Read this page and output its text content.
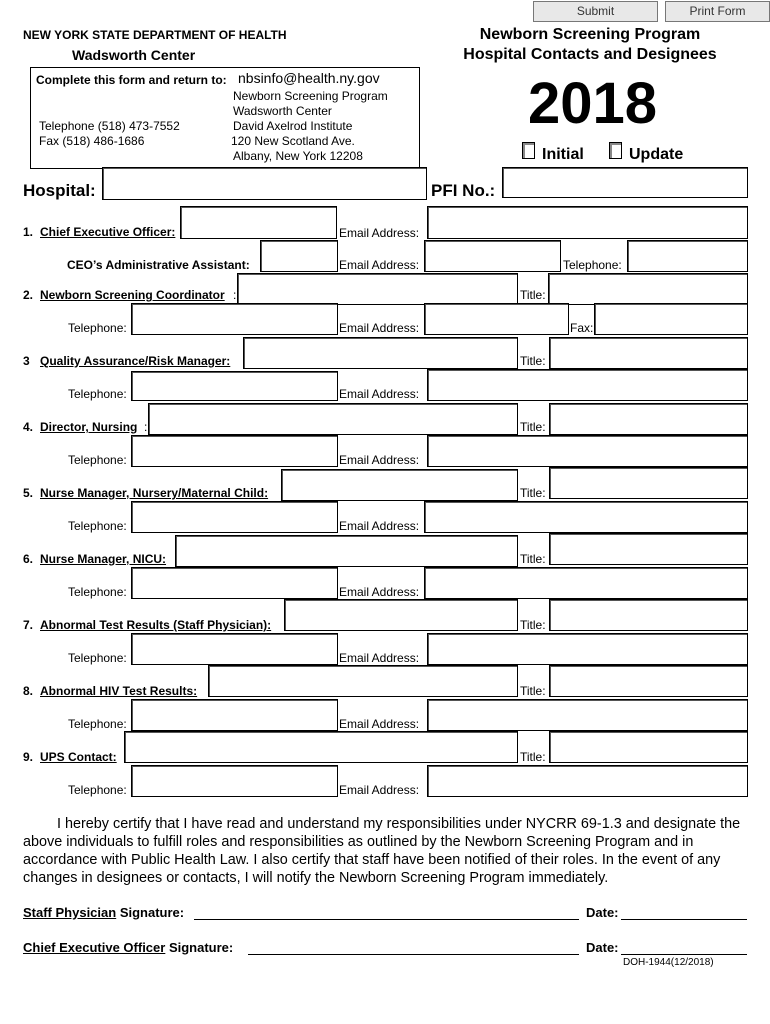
Submit	Print Form
NEW YORK STATE DEPARTMENT OF HEALTH
Wadsworth Center
Newborn Screening Program
Hospital Contacts and Designees
2018
Initial	Update
Complete this form and return to: nbsinfo@health.ny.gov
Newborn Screening Program
Wadsworth Center
David Axelrod Institute
120 New Scotland Ave.
Albany, New York 12208
Telephone (518) 473-7552
Fax (518) 486-1686
Hospital:	PFI No.:
1. Chief Executive Officer:	Email Address:
CEO’s Administrative Assistant:	Email Address:	Telephone:
2. Newborn Screening Coordinator :	Title:
Telephone:	Email Address:	Fax:
3 Quality Assurance/Risk Manager:	Title:
Telephone:	Email Address:
4. Director, Nursing :	Title:
Telephone:	Email Address:
5. Nurse Manager, Nursery/Maternal Child:	Title:
Telephone:	Email Address:
6. Nurse Manager, NICU:	Title:
Telephone:	Email Address:
7. Abnormal Test Results (Staff Physician):	Title:
Telephone:	Email Address:
8. Abnormal HIV Test Results:	Title:
Telephone:	Email Address:
9. UPS Contact:	Title:
Telephone:	Email Address:
I hereby certify that I have read and understand my responsibilities under NYCRR 69-1.3 and designate the above individuals to fulfill roles and responsibilities as outlined by the Newborn Screening Program and in accordance with Public Health Law. I also certify that staff have been notified of their roles. In the event of any changes in designees or contacts, I will notify the Newborn Screening Program immediately.
Staff Physician Signature:	Date:
Chief Executive Officer Signature:	Date:
DOH-1944(12/2018)
